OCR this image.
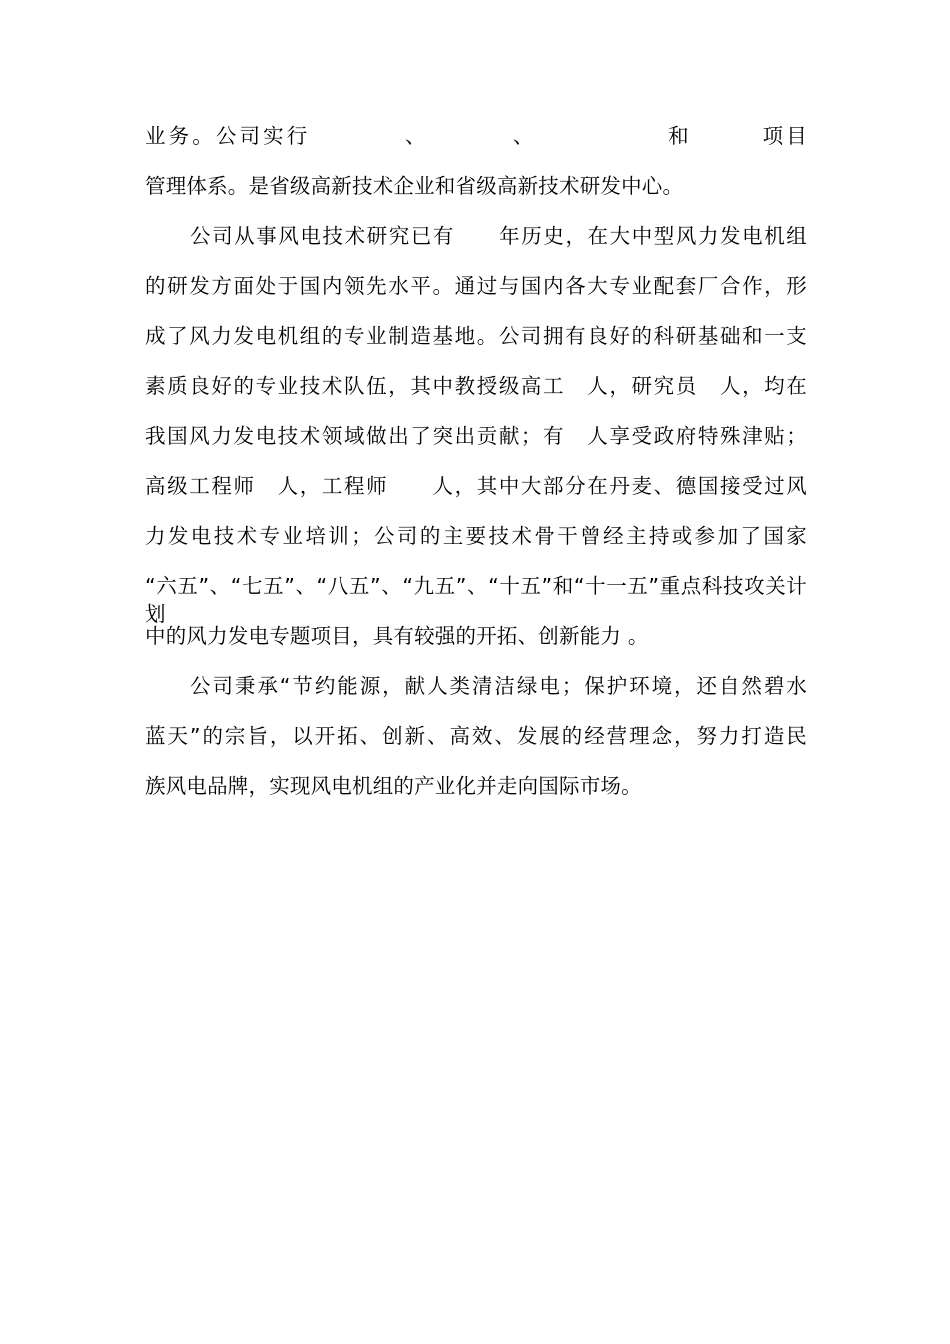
业务。公司实行　　　　、　　　　、　　　　　　和　　　项目
管理体系。是省级高新技术企业和省级高新技术研发中心。
公司从事风电技术研究已有　　年历史，在大中型风力发电机组
的研发方面处于国内领先水平。通过与国内各大专业配套厂合作，形
成了风力发电机组的专业制造基地。公司拥有良好的科研基础和一支
素质良好的专业技术队伍，其中教授级高工　人，研究员　人，均在
我国风力发电技术领域做出了突出贡献；有　人享受政府特殊津贴；
高级工程师　人，工程师　　人，其中大部分在丹麦、德国接受过风
力发电技术专业培训；公司的主要技术骨干曾经主持或参加了国家
“六五”、“七五”、“八五”、“九五”、“十五”和“十一五”重点科技攻关计划
中的风力发电专题项目，具有较强的开拓、创新能力 。
公司秉承“节约能源，献人类清洁绿电；保护环境，还自然碧水
蓝天”的宗旨，以开拓、创新、高效、发展的经营理念，努力打造民
族风电品牌，实现风电机组的产业化并走向国际市场。
